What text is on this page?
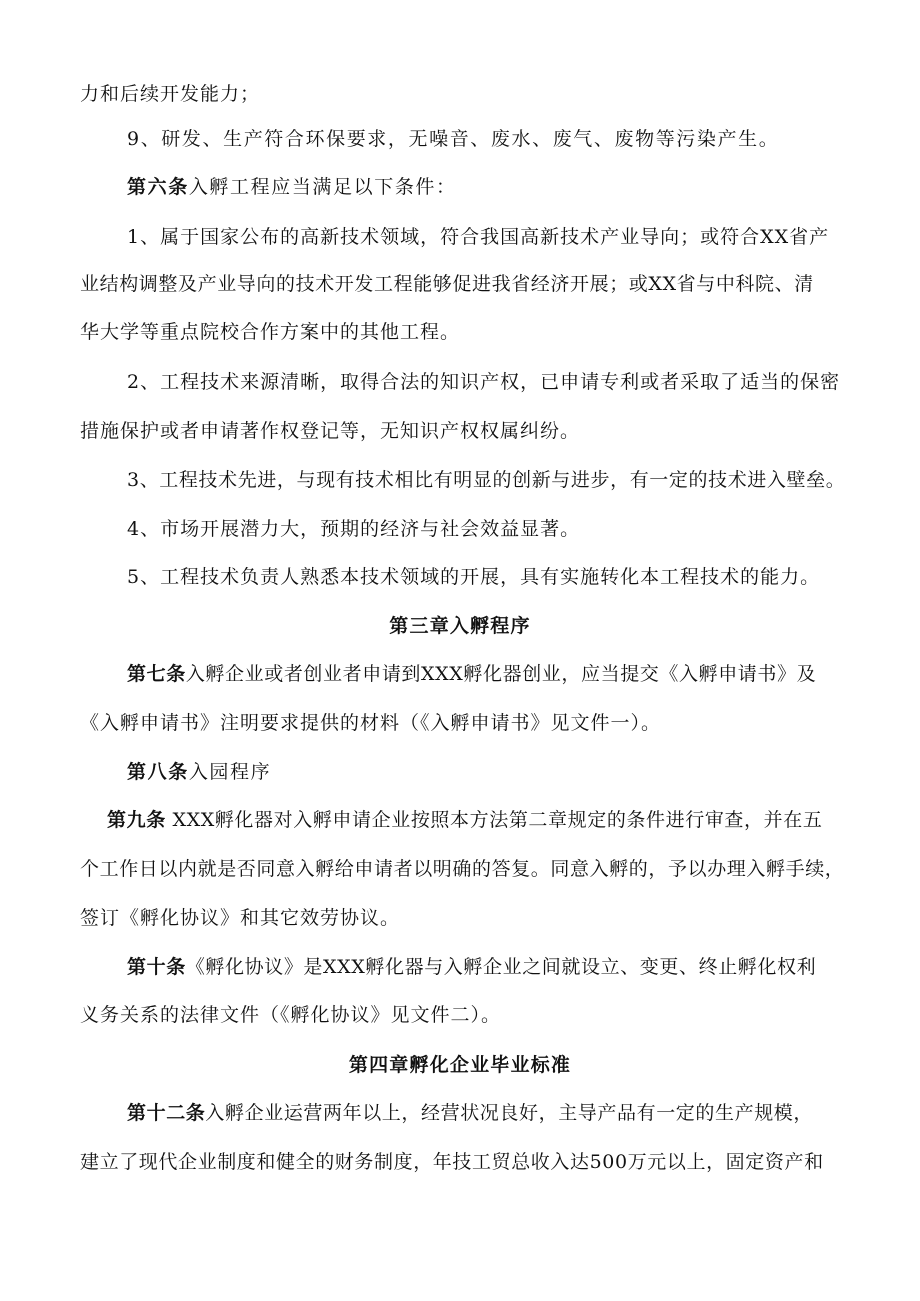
力和后续开发能力；
9、研发、生产符合环保要求，无噪音、废水、废气、废物等污染产生。
第六条入孵工程应当满足以下条件：
1、属于国家公布的高新技术领域，符合我国高新技术产业导向；或符合XX省产
业结构调整及产业导向的技术开发工程能够促进我省经济开展；或XX省与中科院、清
华大学等重点院校合作方案中的其他工程。
2、工程技术来源清晰，取得合法的知识产权，已申请专利或者采取了适当的保密
措施保护或者申请著作权登记等，无知识产权权属纠纷。
3、工程技术先进，与现有技术相比有明显的创新与进步，有一定的技术进入壁垒。
4、市场开展潜力大，预期的经济与社会效益显著。
5、工程技术负责人熟悉本技术领域的开展，具有实施转化本工程技术的能力。
第三章入孵程序
第七条入孵企业或者创业者申请到XXX孵化器创业，应当提交《入孵申请书》及
《入孵申请书》注明要求提供的材料（《入孵申请书》见文件一）。
第八条入园程序
第九条 XXX孵化器对入孵申请企业按照本方法第二章规定的条件进行审查，并在五
个工作日以内就是否同意入孵给申请者以明确的答复。同意入孵的，予以办理入孵手续，
签订《孵化协议》和其它效劳协议。
第十条《孵化协议》是XXX孵化器与入孵企业之间就设立、变更、终止孵化权利
义务关系的法律文件（《孵化协议》见文件二）。
第四章孵化企业毕业标准
第十二条入孵企业运营两年以上，经营状况良好，主导产品有一定的生产规模，
建立了现代企业制度和健全的财务制度，年技工贸总收入达500万元以上，固定资产和
